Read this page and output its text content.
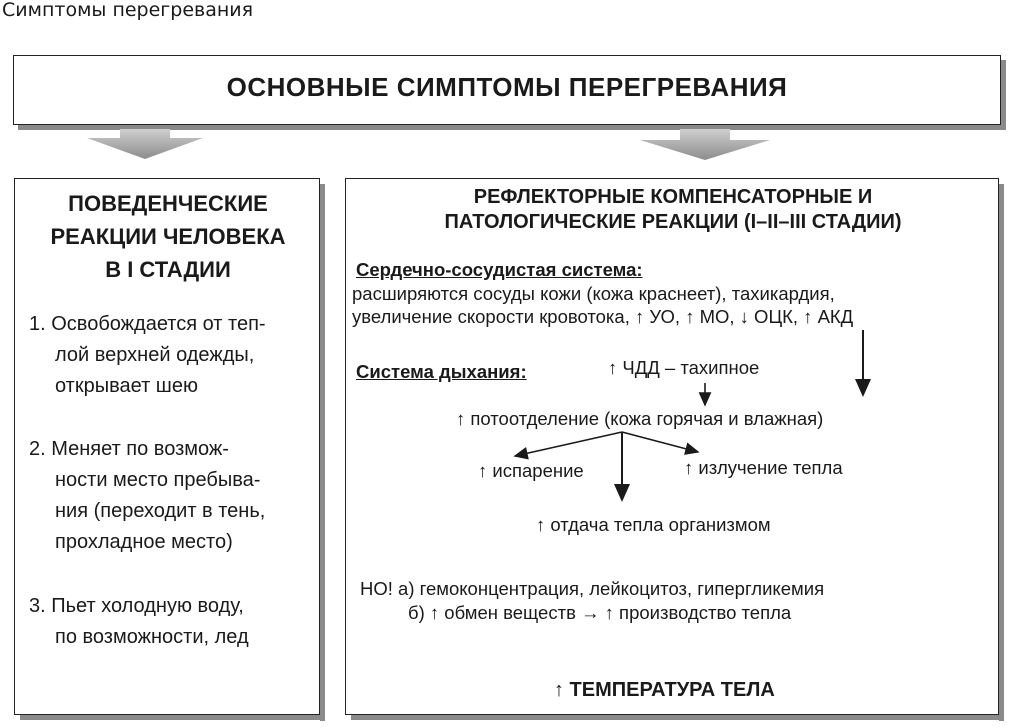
Симптомы перегревания
ОСНОВНЫЕ СИМПТОМЫ ПЕРЕГРЕВАНИЯ
ПОВЕДЕНЧЕСКИЕ
РЕАКЦИИ ЧЕЛОВЕКА
В I СТАДИИ
1. Освобождается от теп-
лой верхней одежды,
открывает шею
2. Меняет по возмож-
ности место пребыва-
ния (переходит в тень,
прохладное место)
3. Пьет холодную воду,
по возможности, лед
РЕФЛЕКТОРНЫЕ КОМПЕНСАТОРНЫЕ И
ПАТОЛОГИЧЕСКИЕ РЕАКЦИИ (I–II–III СТАДИИ)
Сердечно-сосудистая система:
расширяются сосуды кожи (кожа краснеет), тахикардия,
увеличение скорости кровотока, ↑ УО, ↑ МО, ↓ ОЦК, ↑ АКД
Система дыхания:	↑ ЧДД – тахипное
↑ потоотделение (кожа горячая и влажная)
↑ испарение	↑ излучение тепла
↑ отдача тепла организмом
НО! а) гемоконцентрация, лейкоцитоз, гипергликемия
б) ↑ обмен веществ → ↑ производство тепла
↑ ТЕМПЕРАТУРА ТЕЛА
